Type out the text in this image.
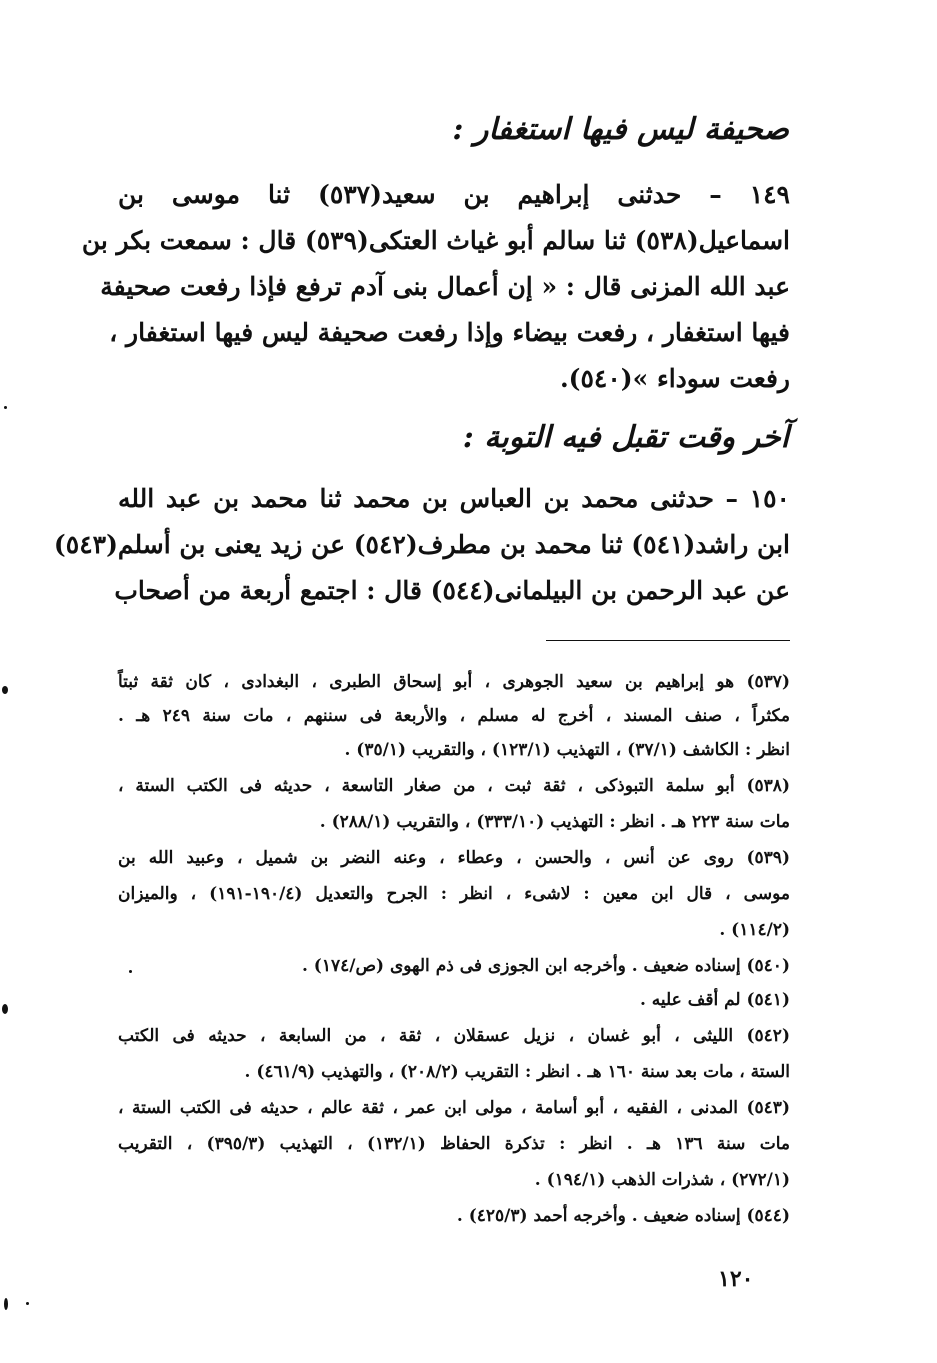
صحيفة ليس فيها استغفار :
١٤٩ – حدثنى إبراهيم بن سعيد(٥٣٧) ثنا موسى بن
اسماعيل(٥٣٨) ثنا سالم أبو غياث العتكى(٥٣٩) قال : سمعت بكر بن
عبد الله المزنى قال : « إن أعمال بنى آدم ترفع فإذا رفعت صحيفة
فيها استغفار ، رفعت بيضاء وإذا رفعت صحيفة ليس فيها استغفار ،
رفعت سوداء »(٥٤٠).
آخر وقت تقبل فيه التوبة :
١٥٠ – حدثنى محمد بن العباس بن محمد ثنا محمد بن عبد الله
ابن راشد(٥٤١) ثنا محمد بن مطرف(٥٤٢) عن زيد يعنى بن أسلم(٥٤٣)
عن عبد الرحمن بن البيلمانى(٥٤٤) قال : اجتمع أربعة من أصحاب
(٥٣٧) هو إبراهيم بن سعيد الجوهرى ، أبو إسحاق الطبرى ، البغدادى ، كان ثقة ثبتاً
مكثراً ، صنف المسند ، أخرج له مسلم ، والأربعة فى سننهم ، مات سنة ٢٤٩ هـ .
انظر : الكاشف (٣٧/١) ، التهذيب (١٢٣/١) ، والتقريب (٣٥/١) .
(٥٣٨) أبو سلمة التبوذكى ، ثقة ثبت ، من صغار التاسعة ، حديثه فى الكتب الستة ،
مات سنة ٢٢٣ هـ . انظر : التهذيب (٣٣٣/١٠) ، والتقريب (٢٨٨/١) .
(٥٣٩) روى عن أنس ، والحسن ، وعطاء ، وعنه النضر بن شميل ، وعبيد الله بن
موسى ، قال ابن معين : لاشىء ، انظر : الجرح والتعديل (١٩٠/٤-١٩١) ، والميزان
(١١٤/٢) .
(٥٤٠) إسناده ضعيف . وأخرجه ابن الجوزى فى ذم الهوى (ص/١٧٤) .
(٥٤١) لم أقف عليه .
(٥٤٢) الليثى ، أبو غسان ، نزيل عسقلان ، ثقة ، من السابعة ، حديثه فى الكتب
الستة ، مات بعد سنة ١٦٠ هـ . انظر : التقريب (٢٠٨/٢) ، والتهذيب (٤٦١/٩) .
(٥٤٣) المدنى ، الفقيه ، أبو أسامة ، مولى ابن عمر ، ثقة عالم ، حديثه فى الكتب الستة ،
مات سنة ١٣٦ هـ . انظر : تذكرة الحفاظ (١٣٢/١) ، التهذيب (٣٩٥/٣) ، التقريب
(٢٧٢/١) ، شذرات الذهب (١٩٤/١) .
(٥٤٤) إسناده ضعيف . وأخرجه أحمد (٤٢٥/٣) .
١٢٠
